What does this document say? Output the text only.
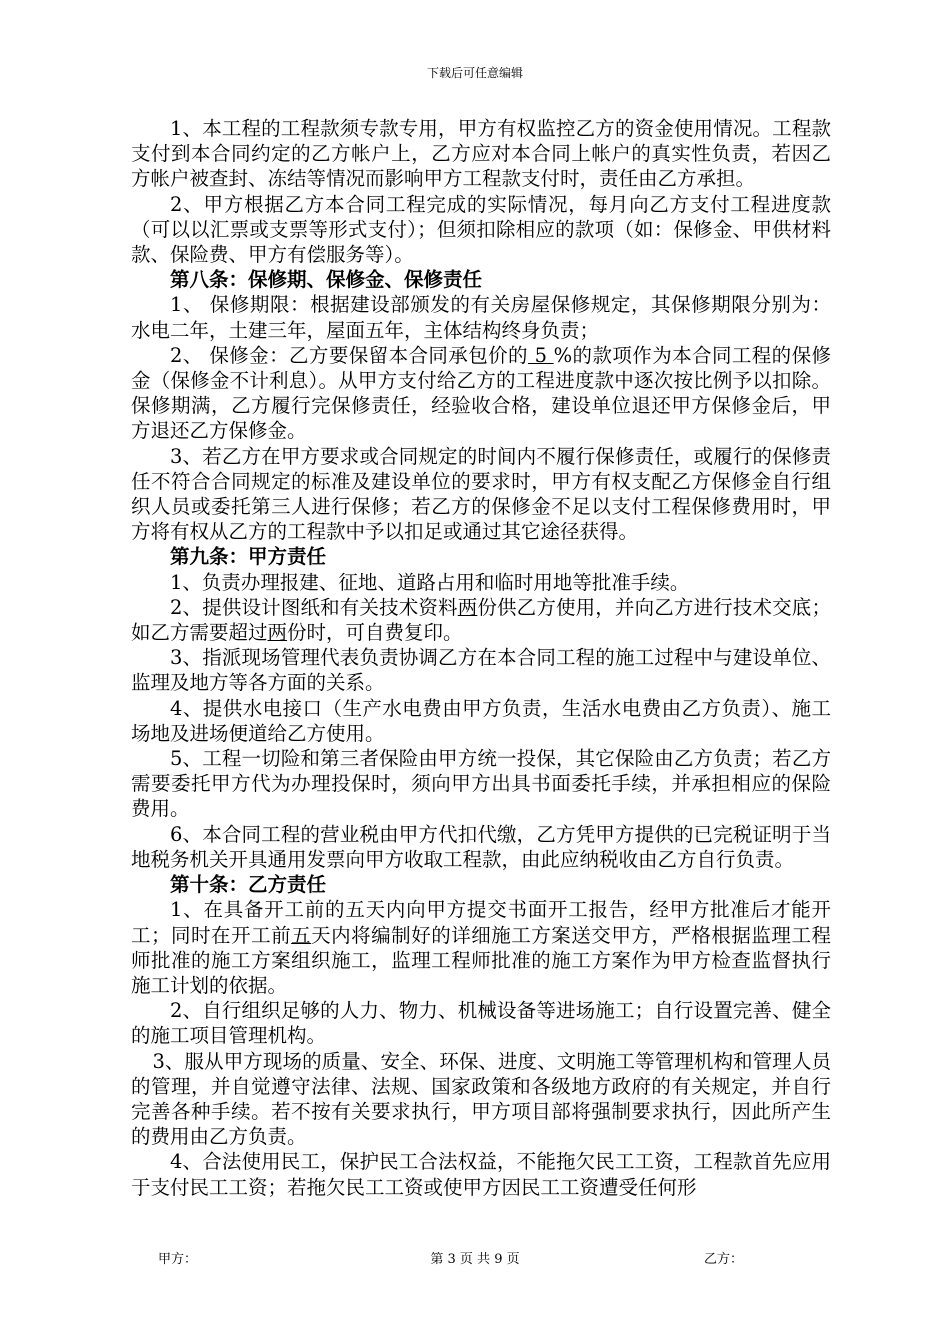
下载后可任意编辑

1、本工程的工程款须专款专用，甲方有权监控乙方的资金使用情况。工程款支付到本合同约定的乙方帐户上，乙方应对本合同上帐户的真实性负责，若因乙方帐户被查封、冻结等情况而影响甲方工程款支付时，责任由乙方承担。

2、甲方根据乙方本合同工程完成的实际情况，每月向乙方支付工程进度款（可以以汇票或支票等形式支付）；但须扣除相应的款项（如：保修金、甲供材料款、保险费、甲方有偿服务等）。

第八条：保修期、保修金、保修责任

1、 保修期限：根据建设部颁发的有关房屋保修规定，其保修期限分别为：水电二年，土建三年，屋面五年，主体结构终身负责；

2、 保修金：乙方要保留本合同承包价的 5 %的款项作为本合同工程的保修金（保修金不计利息）。从甲方支付给乙方的工程进度款中逐次按比例予以扣除。保修期满，乙方履行完保修责任，经验收合格，建设单位退还甲方保修金后，甲方退还乙方保修金。

3、若乙方在甲方要求或合同规定的时间内不履行保修责任，或履行的保修责任不符合合同规定的标准及建设单位的要求时，甲方有权支配乙方保修金自行组织人员或委托第三人进行保修；若乙方的保修金不足以支付工程保修费用时，甲方将有权从乙方的工程款中予以扣足或通过其它途径获得。

第九条：甲方责任

1、负责办理报建、征地、道路占用和临时用地等批准手续。

2、提供设计图纸和有关技术资料两份供乙方使用，并向乙方进行技术交底；如乙方需要超过两份时，可自费复印。

3、指派现场管理代表负责协调乙方在本合同工程的施工过程中与建设单位、监理及地方等各方面的关系。

4、提供水电接口（生产水电费由甲方负责，生活水电费由乙方负责）、施工场地及进场便道给乙方使用。

5、工程一切险和第三者保险由甲方统一投保，其它保险由乙方负责；若乙方需要委托甲方代为办理投保时，须向甲方出具书面委托手续，并承担相应的保险费用。

6、本合同工程的营业税由甲方代扣代缴，乙方凭甲方提供的已完税证明于当地税务机关开具通用发票向甲方收取工程款，由此应纳税收由乙方自行负责。

第十条：乙方责任

1、在具备开工前的五天内向甲方提交书面开工报告，经甲方批准后才能开工；同时在开工前五天内将编制好的详细施工方案送交甲方，严格根据监理工程师批准的施工方案组织施工，监理工程师批准的施工方案作为甲方检查监督执行施工计划的依据。

2、自行组织足够的人力、物力、机械设备等进场施工；自行设置完善、健全的施工项目管理机构。

3、服从甲方现场的质量、安全、环保、进度、文明施工等管理机构和管理人员的管理，并自觉遵守法律、法规、国家政策和各级地方政府的有关规定，并自行完善各种手续。若不按有关要求执行，甲方项目部将强制要求执行，因此所产生的费用由乙方负责。

4、合法使用民工，保护民工合法权益，不能拖欠民工工资，工程款首先应用于支付民工工资；若拖欠民工工资或使甲方因民工工资遭受任何形

甲方：	第 3 页 共 9 页	乙方：
